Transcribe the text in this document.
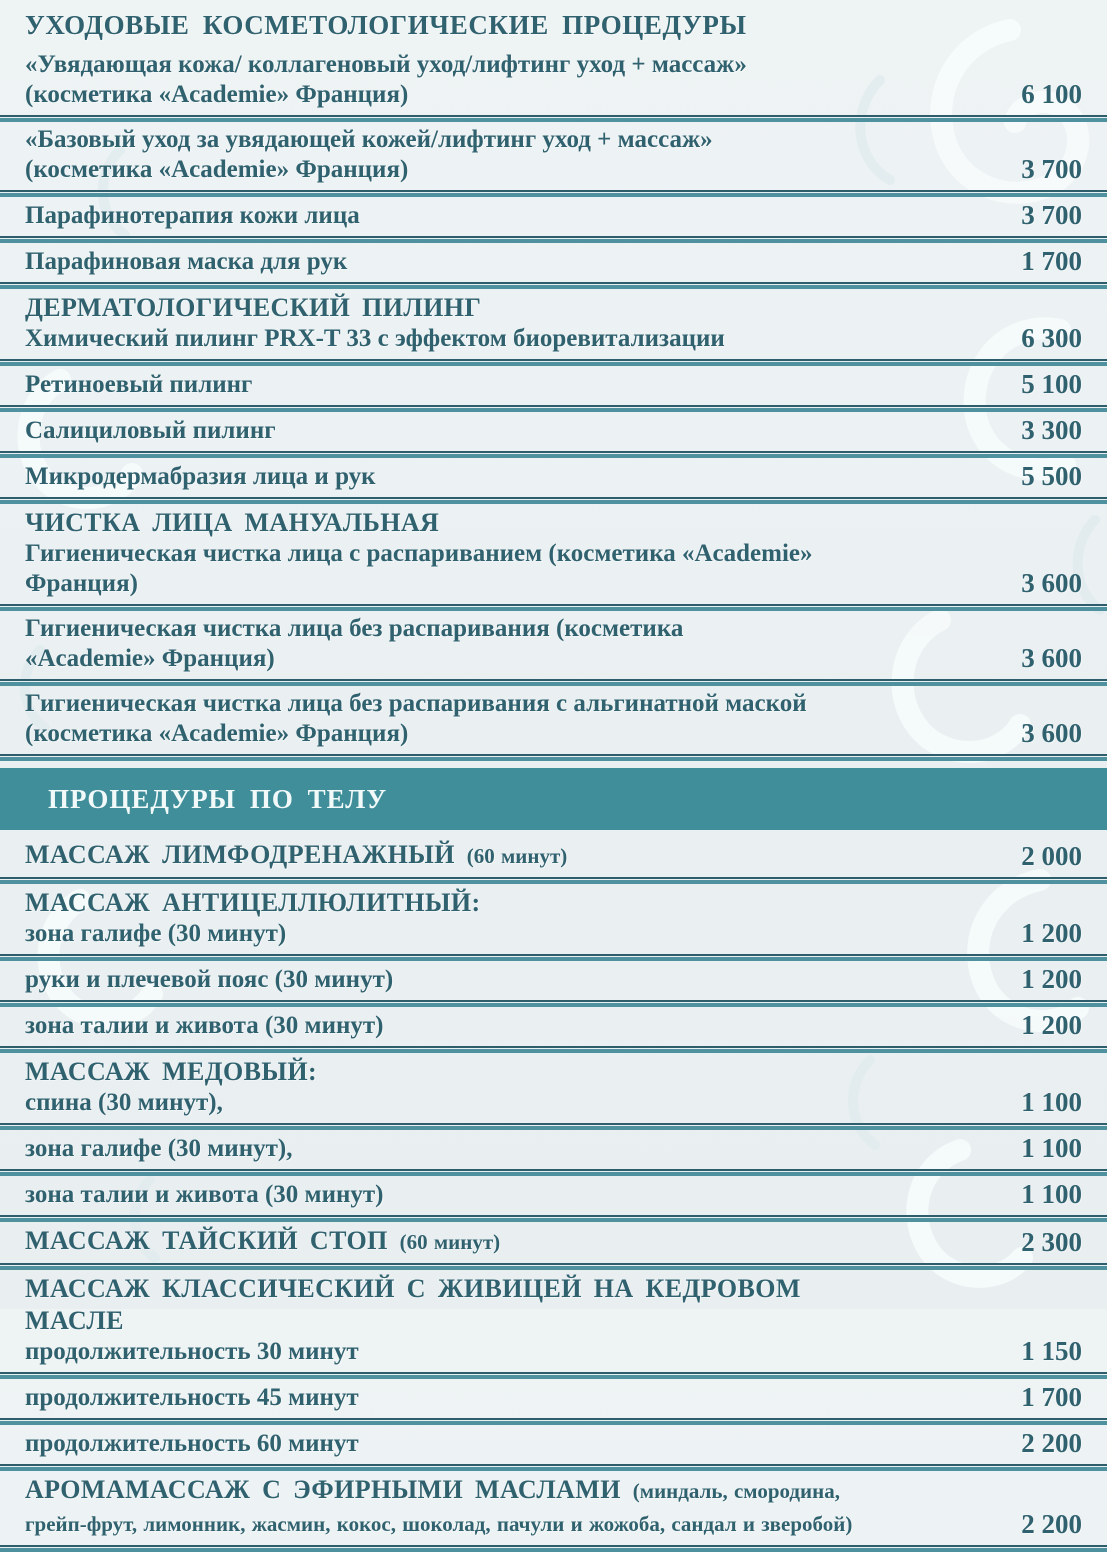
УХОДОВЫЕ КОСМЕТОЛОГИЧЕСКИЕ ПРОЦЕДУРЫ
«Увядающая кожа/ коллагеновый уход/лифтинг уход + массаж»
(косметика «Academie» Франция)	6 100
«Базовый уход за увядающей кожей/лифтинг уход + массаж»
(косметика «Academie» Франция)	3 700
Парафинотерапия кожи лица	3 700
Парафиновая маска для рук	1 700
ДЕРМАТОЛОГИЧЕСКИЙ ПИЛИНГ
Химический пилинг PRX-T 33 с эффектом биоревитализации	6 300
Ретиноевый пилинг	5 100
Салициловый пилинг	3 300
Микродермабразия лица и рук	5 500
ЧИСТКА ЛИЦА МАНУАЛЬНАЯ
Гигиеническая чистка лица с распариванием (косметика «Academie»
Франция)	3 600
Гигиеническая чистка лица без распаривания (косметика
«Academie» Франция)	3 600
Гигиеническая чистка лица без распаривания с альгинатной маской
(косметика «Academie» Франция)	3 600
ПРОЦЕДУРЫ ПО ТЕЛУ
МАССАЖ ЛИМФОДРЕНАЖНЫЙ (60 минут)	2 000
МАССАЖ АНТИЦЕЛЛЮЛИТНЫЙ:
зона галифе (30 минут)	1 200
руки и плечевой пояс (30 минут)	1 200
зона талии и живота (30 минут)	1 200
МАССАЖ МЕДОВЫЙ:
спина (30 минут),	1 100
зона галифе (30 минут),	1 100
зона талии и живота (30 минут)	1 100
МАССАЖ ТАЙСКИЙ СТОП (60 минут)	2 300
МАССАЖ КЛАССИЧЕСКИЙ С ЖИВИЦЕЙ НА КЕДРОВОМ МАСЛЕ
продолжительность 30 минут	1 150
продолжительность 45 минут	1 700
продолжительность 60 минут	2 200
АРОМАМАССАЖ С ЭФИРНЫМИ МАСЛАМИ (миндаль, смородина, грейп-фрут, лимонник, жасмин, кокос, шоколад, пачули и жожоба, сандал и зверобой)	2 200
